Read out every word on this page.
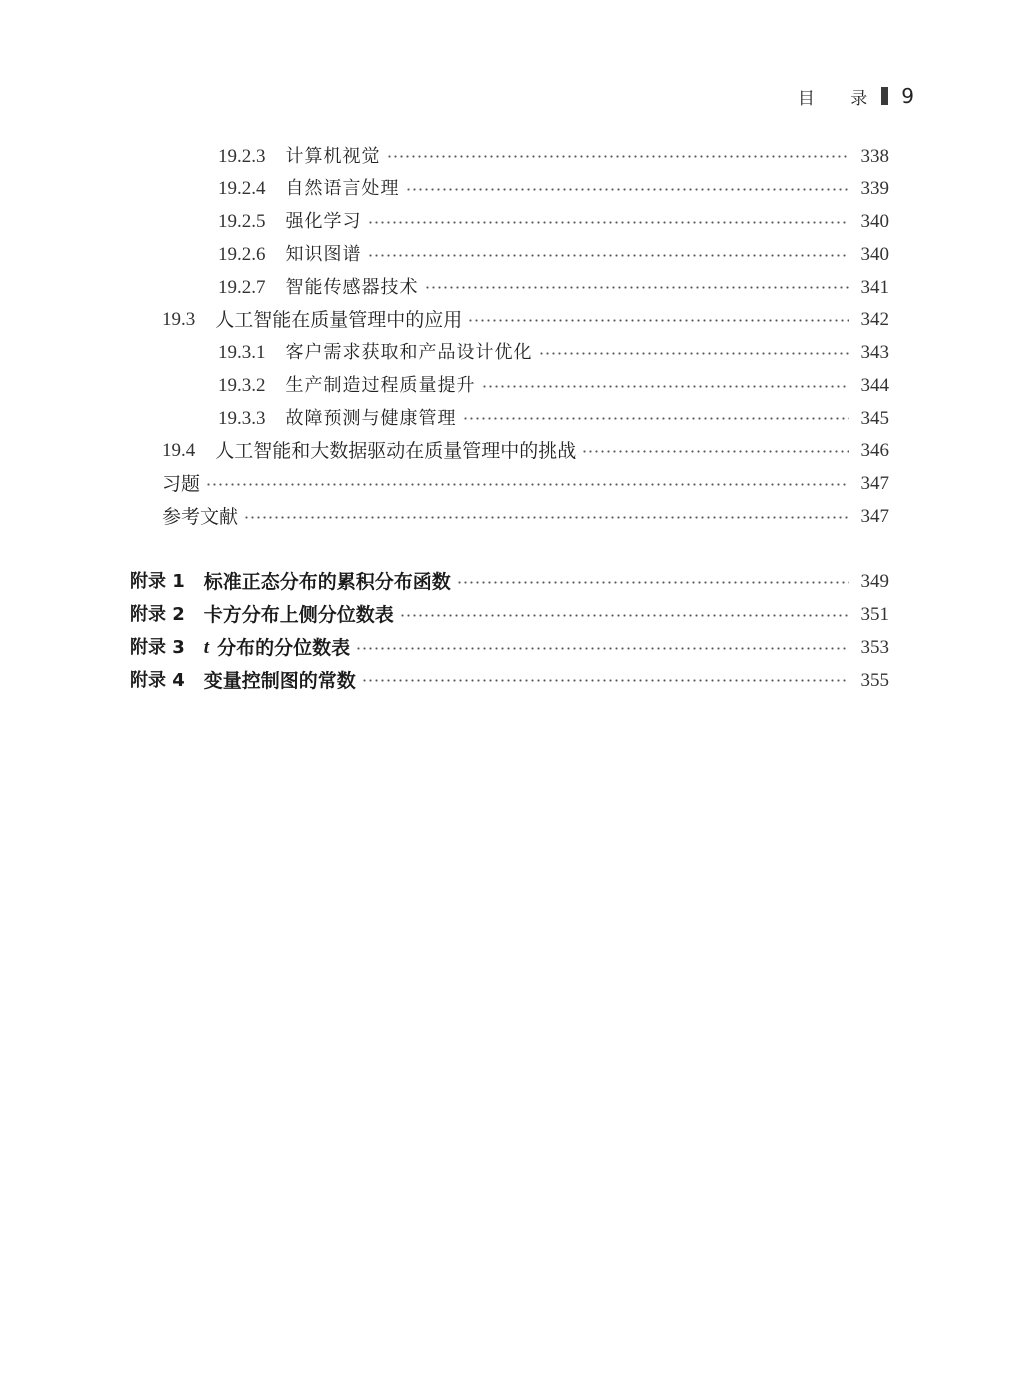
目 录 9
19.2.3 计算机视觉	338
19.2.4 自然语言处理	339
19.2.5 强化学习	340
19.2.6 知识图谱	340
19.2.7 智能传感器技术	341
19.3 人工智能在质量管理中的应用	342
19.3.1 客户需求获取和产品设计优化	343
19.3.2 生产制造过程质量提升	344
19.3.3 故障预测与健康管理	345
19.4 人工智能和大数据驱动在质量管理中的挑战	346
习题	347
参考文献	347
附录 1 标准正态分布的累积分布函数	349
附录 2 卡方分布上侧分位数表	351
附录 3 t 分布的分位数表	353
附录 4 变量控制图的常数	355
